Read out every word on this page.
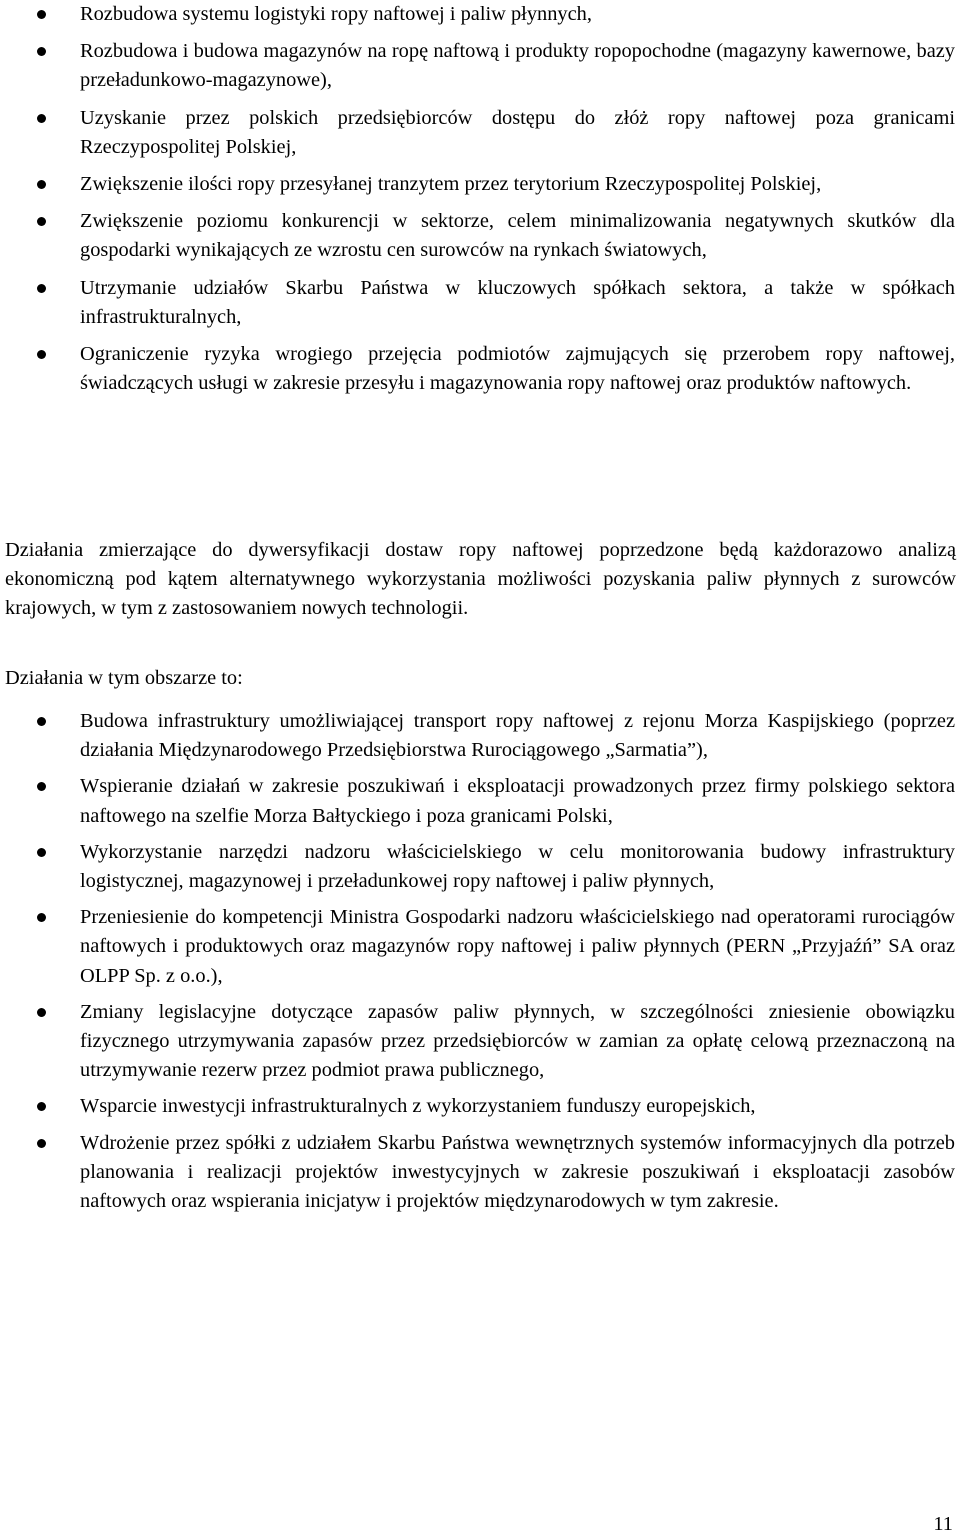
Rozbudowa systemu logistyki ropy naftowej i paliw płynnych,
Rozbudowa i budowa magazynów na ropę naftową i produkty ropopochodne (magazyny kawernowe, bazy przeładunkowo-magazynowe),
Uzyskanie przez polskich przedsiębiorców dostępu do złóż ropy naftowej poza granicami Rzeczypospolitej Polskiej,
Zwiększenie ilości ropy przesyłanej tranzytem przez terytorium Rzeczypospolitej Polskiej,
Zwiększenie poziomu konkurencji w sektorze, celem minimalizowania negatywnych skutków dla gospodarki wynikających ze wzrostu cen surowców na rynkach światowych,
Utrzymanie udziałów Skarbu Państwa w kluczowych spółkach sektora, a także w spółkach infrastrukturalnych,
Ograniczenie ryzyka wrogiego przejęcia podmiotów zajmujących się przerobem ropy naftowej, świadczących usługi w zakresie przesyłu i magazynowania ropy naftowej oraz produktów naftowych.

Działania zmierzające do dywersyfikacji dostaw ropy naftowej poprzedzone będą każdorazowo analizą ekonomiczną pod kątem alternatywnego wykorzystania możliwości pozyskania paliw płynnych z surowców krajowych, w tym z zastosowaniem nowych technologii.

Działania w tym obszarze to:

Budowa infrastruktury umożliwiającej transport ropy naftowej z rejonu Morza Kaspijskiego (poprzez działania Międzynarodowego Przedsiębiorstwa Rurociągowego „Sarmatia”),
Wspieranie działań w zakresie poszukiwań i eksploatacji prowadzonych przez firmy polskiego sektora naftowego na szelfie Morza Bałtyckiego i poza granicami Polski,
Wykorzystanie narzędzi nadzoru właścicielskiego w celu monitorowania budowy infrastruktury logistycznej, magazynowej i przeładunkowej ropy naftowej i paliw płynnych,
Przeniesienie do kompetencji Ministra Gospodarki nadzoru właścicielskiego nad operatorami rurociągów naftowych i produktowych oraz magazynów ropy naftowej i paliw płynnych (PERN „Przyjaźń” SA oraz OLPP Sp. z o.o.),
Zmiany legislacyjne dotyczące zapasów paliw płynnych, w szczególności zniesienie obowiązku fizycznego utrzymywania zapasów przez przedsiębiorców w zamian za opłatę celową przeznaczoną na utrzymywanie rezerw przez podmiot prawa publicznego,
Wsparcie inwestycji infrastrukturalnych z wykorzystaniem funduszy europejskich,
Wdrożenie przez spółki z udziałem Skarbu Państwa wewnętrznych systemów informacyjnych dla potrzeb planowania i realizacji projektów inwestycyjnych w zakresie poszukiwań i eksploatacji zasobów naftowych oraz wspierania inicjatyw i projektów międzynarodowych w tym zakresie.
11
